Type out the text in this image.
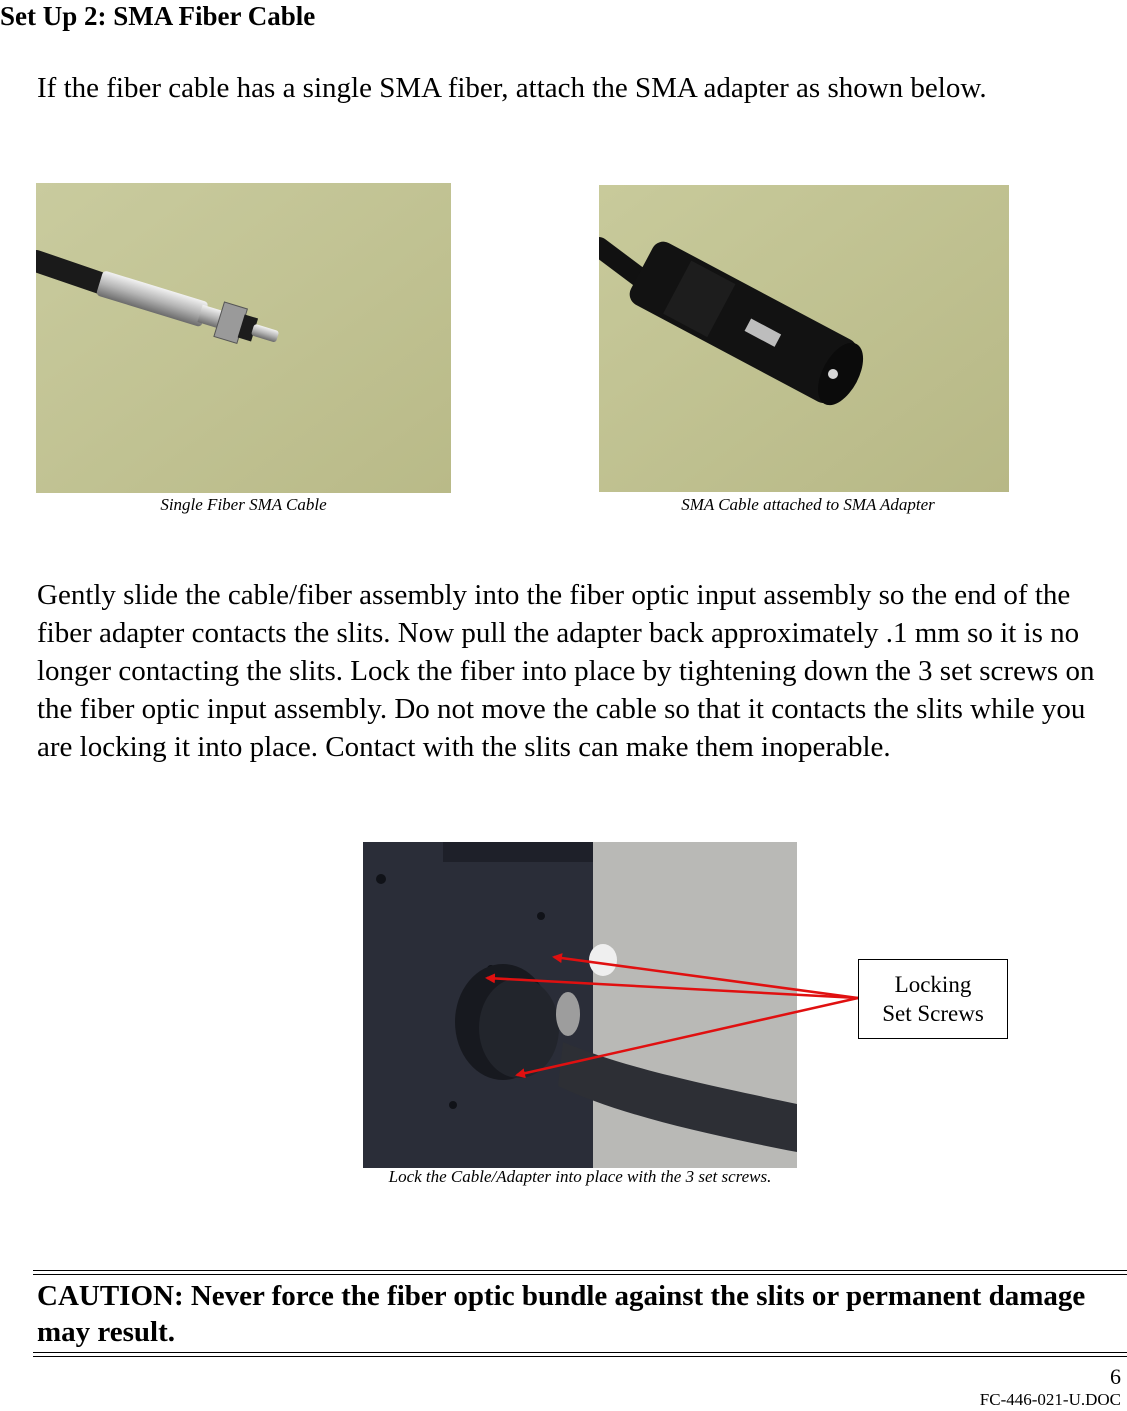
Set Up 2: SMA Fiber Cable
If the fiber cable has a single SMA fiber, attach the SMA adapter as shown below.
Single Fiber SMA Cable	SMA Cable attached to SMA Adapter
Gently slide the cable/fiber assembly into the fiber optic input assembly so the end of the fiber adapter contacts the slits. Now pull the adapter back approximately .1 mm so it is no longer contacting the slits. Lock the fiber into place by tightening down the 3 set screws on the fiber optic input assembly. Do not move the cable so that it contacts the slits while you are locking it into place. Contact with the slits can make them inoperable.
Lock the Cable/Adapter into place with the 3 set screws.
Locking
Set Screws
CAUTION: Never force the fiber optic bundle against the slits or permanent damage may result.
6
FC-446-021-U.DOC
